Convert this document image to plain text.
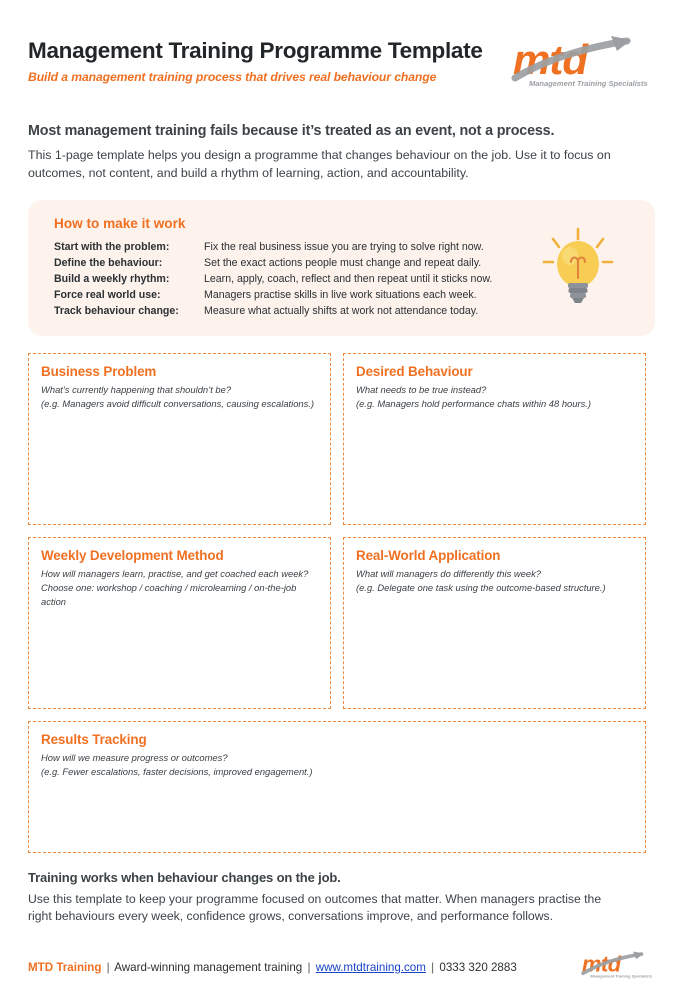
Management Training Programme Template

Build a management training process that drives real behaviour change	mtd
Management Training Specialists

Most management training fails because it’s treated as an event, not a process.

This 1-page template helps you design a programme that changes behaviour on the job. Use it to focus on outcomes, not content, and build a rhythm of learning, action, and accountability.

How to make it work

Start with the problem:	Fix the real business issue you are trying to solve right now.
Define the behaviour:	Set the exact actions people must change and repeat daily.
Build a weekly rhythm:	Learn, apply, coach, reflect and then repeat until it sticks now.
Force real world use:	Managers practise skills in live work situations each week.
Track behaviour change:	Measure what actually shifts at work not attendance today.

Business Problem

What’s currently happening that shouldn’t be?

(e.g. Managers avoid difficult conversations, causing escalations.)

Desired Behaviour

What needs to be true instead?

(e.g. Managers hold performance chats within 48 hours.)

Weekly Development Method

How will managers learn, practise, and get coached each week?

Choose one: workshop / coaching / microlearning / on-the-job action

Real-World Application

What will managers do differently this week?

(e.g. Delegate one task using the outcome-based structure.)

Results Tracking

How will we measure progress or outcomes?

(e.g. Fewer escalations, faster decisions, improved engagement.)

Training works when behaviour changes on the job.

Use this template to keep your programme focused on outcomes that matter. When managers practise the right behaviours every week, confidence grows, conversations improve, and performance follows.

MTD Training | Award-winning management training | www.mtdtraining.com | 0333 320 2883 mtd
Management Training Specialists
